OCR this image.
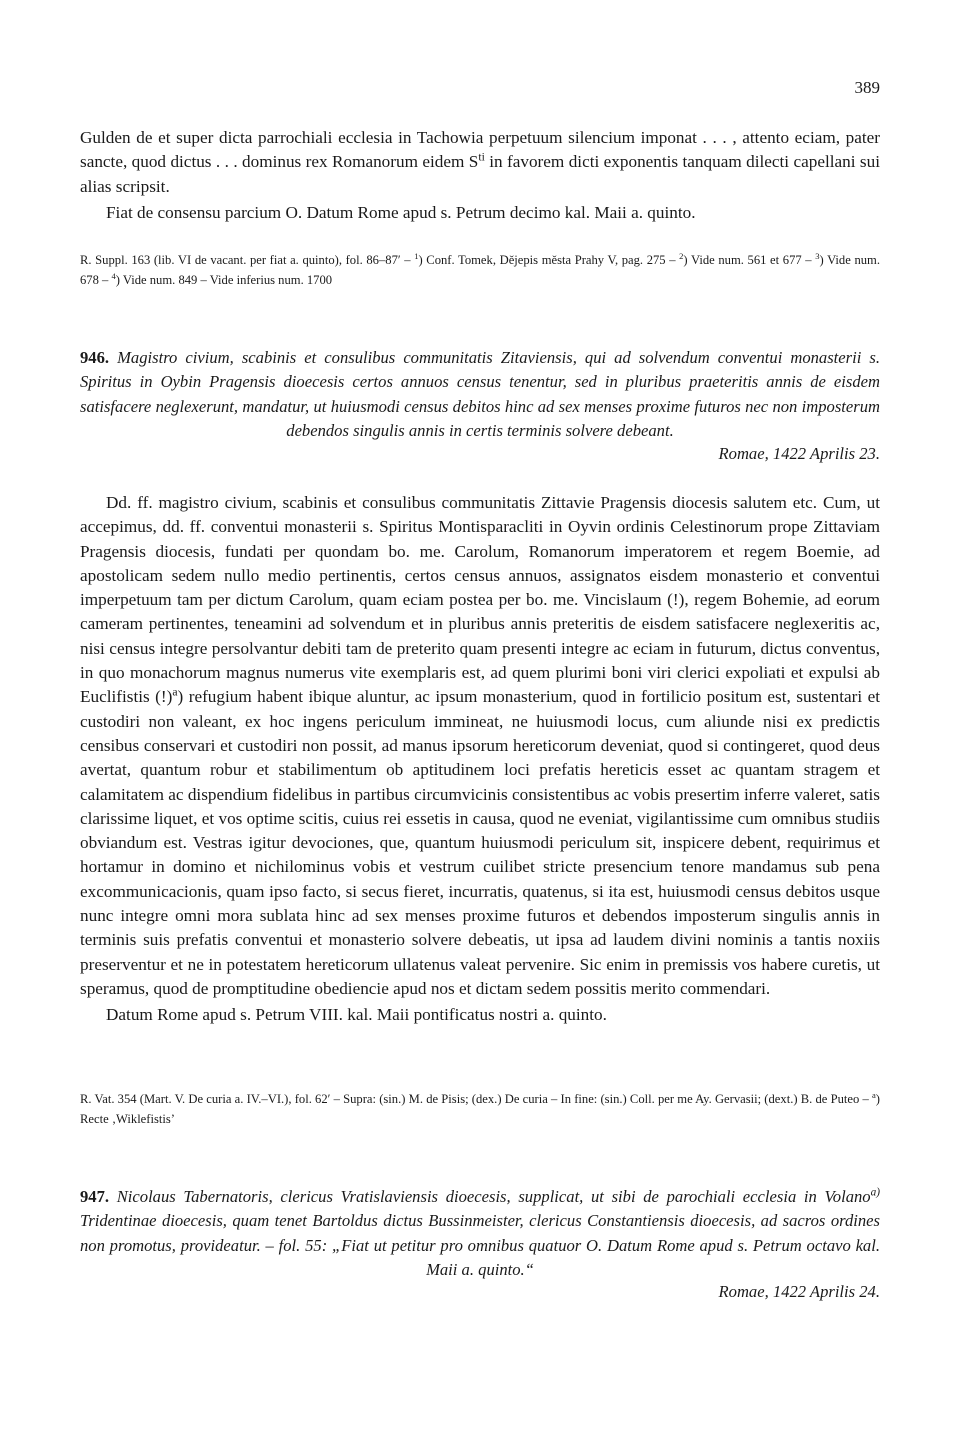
389

Gulden de et super dicta parrochiali ecclesia in Tachowia perpetuum silencium imponat . . . , attento eciam, pater sancte, quod dictus . . . dominus rex Romanorum eidem $S^{ti}$ in favorem dicti exponentis tanquam dilecti capellani sui alias scripsit.

Fiat de consensu parcium O. Datum Rome apud s. Petrum decimo kal. Maii a. quinto.

R. Suppl. 163 (lib. VI de vacant. per fiat a. quinto), fol. 86–87′ – $^1$) Conf. Tomek, Dějepis města Prahy V, pag. 275 – $^2$) Vide num. 561 et 677 – $^3$) Vide num. 678 – $^4$) Vide num. 849 – Vide inferius num. 1700
946. Magistro civium, scabinis et consulibus communitatis Zitaviensis, qui ad solvendum conventui monasterii s. Spiritus in Oybin Pragensis dioecesis certos annuos census tenentur, sed in pluribus praeteritis annis de eisdem satisfacere neglexerunt, mandatur, ut huiusmodi census debitos hinc ad sex menses proxime futuros nec non imposterum debendos singulis annis in certis terminis solvere debeant.
Romae, 1422 Aprilis 23.

Dd. ff. magistro civium, scabinis et consulibus communitatis Zittavie Pragensis diocesis salutem etc. Cum, ut accepimus, dd. ff. conventui monasterii s. Spiritus Montisparacliti in Oyvin ordinis Celestinorum prope Zittaviam Pragensis diocesis, fundati per quondam bo. me. Carolum, Romanorum imperatorem et regem Boemie, ad apostolicam sedem nullo medio pertinentis, certos census annuos, assignatos eisdem monasterio et conventui imperpetuum tam per dictum Carolum, quam eciam postea per bo. me. Vincislaum (!), regem Bohemie, ad eorum cameram pertinentes, teneamini ad solvendum et in pluribus annis preteritis de eisdem satisfacere neglexeritis ac, nisi census integre persolvantur debiti tam de preterito quam presenti integre ac eciam in futurum, dictus conventus, in quo monachorum magnus numerus vite exemplaris est, ad quem plurimi boni viri clerici expoliati et expulsi ab Euclifistis (!)$^a$) refugium habent ibique aluntur, ac ipsum monasterium, quod in fortilicio positum est, sustentari et custodiri non valeant, ex hoc ingens periculum immineat, ne huiusmodi locus, cum aliunde nisi ex predictis censibus conservari et custodiri non possit, ad manus ipsorum hereticorum deveniat, quod si contingeret, quod deus avertat, quantum robur et stabilimentum ob aptitudinem loci prefatis hereticis esset ac quantam stragem et calamitatem ac dispendium fidelibus in partibus circumvicinis consistentibus ac vobis presertim inferre valeret, satis clarissime liquet, et vos optime scitis, cuius rei essetis in causa, quod ne eveniat, vigilantissime cum omnibus studiis obviandum est. Vestras igitur devociones, que, quantum huiusmodi periculum sit, inspicere debent, requirimus et hortamur in domino et nichilominus vobis et vestrum cuilibet stricte presencium tenore mandamus sub pena excommunicacionis, quam ipso facto, si secus fieret, incurratis, quatenus, si ita est, huiusmodi census debitos usque nunc integre omni mora sublata hinc ad sex menses proxime futuros et debendos imposterum singulis annis in terminis suis prefatis conventui et monasterio solvere debeatis, ut ipsa ad laudem divini nominis a tantis noxiis preserventur et ne in potestatem hereticorum ullatenus valeat pervenire. Sic enim in premissis vos habere curetis, ut speramus, quod de promptitudine obediencie apud nos et dictam sedem possitis merito commendari.

Datum Rome apud s. Petrum VIII. kal. Maii pontificatus nostri a. quinto.

R. Vat. 354 (Mart. V. De curia a. IV.–VI.), fol. 62′ – Supra: (sin.) M. de Pisis; (dex.) De curia – In fine: (sin.) Coll. per me Ay. Gervasii; (dext.) B. de Puteo – $^a$) Recte ‚Wiklefistis’
947. Nicolaus Tabernatoris, clericus Vratislaviensis dioecesis, supplicat, ut sibi de parochiali ecclesia in Volano$^{a)}$ Tridentinae dioecesis, quam tenet Bartoldus dictus Bussinmeister, clericus Constantiensis dioecesis, ad sacros ordines non promotus, provideatur. – fol. 55: „Fiat ut petitur pro omnibus quatuor O. Datum Rome apud s. Petrum octavo kal. Maii a. quinto.“
Romae, 1422 Aprilis 24.
